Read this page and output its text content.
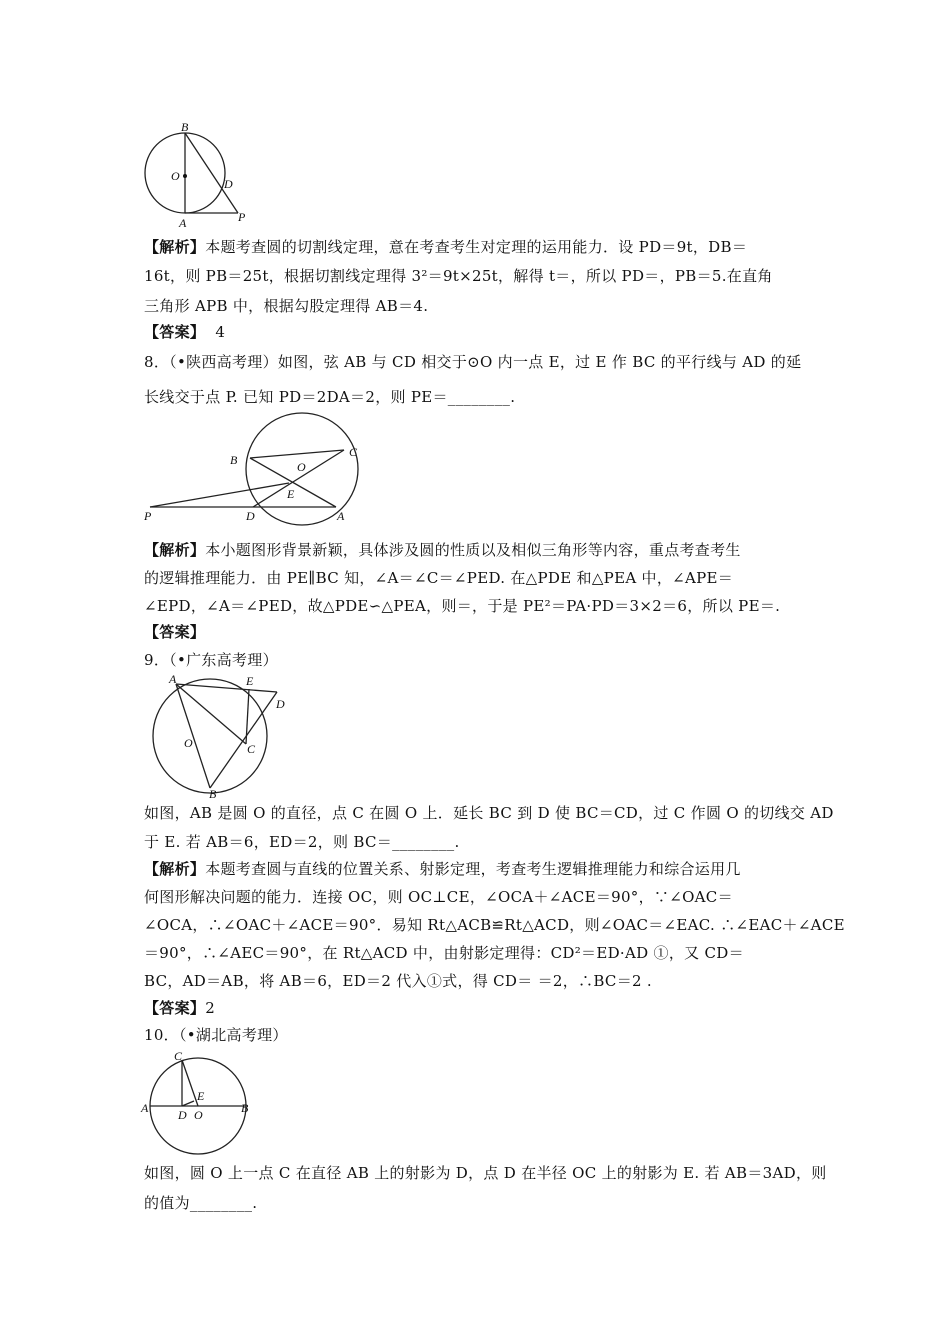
B
O
D
A	P
【解析】本题考查圆的切割线定理，意在考查考生对定理的运用能力．设 PD＝9t，DB＝
16t，则 PB＝25t，根据切割线定理得 3²＝9t×25t，解得 t＝，所以 PD＝，PB＝5.在直角
三角形 APB 中，根据勾股定理得 AB＝4.
【答案】 4
8．（•陕西高考理）如图，弦 AB 与 CD 相交于⊙O 内一点 E，过 E 作 BC 的平行线与 AD 的延
长线交于点 P. 已知 PD＝2DA＝2，则 PE＝________.
B
C
O
E
P	D	A
【解析】本小题图形背景新颖，具体涉及圆的性质以及相似三角形等内容，重点考查考生
的逻辑推理能力．由 PE∥BC 知，∠A＝∠C＝∠PED. 在△PDE 和△PEA 中，∠APE＝
∠EPD，∠A＝∠PED，故△PDE∽△PEA，则＝，于是 PE²＝PA·PD＝3×2＝6，所以 PE＝.
【答案】
9．（•广东高考理）
A	E
D
O	C
B
如图，AB 是圆 O 的直径，点 C 在圆 O 上．延长 BC 到 D 使 BC＝CD，过 C 作圆 O 的切线交 AD
于 E. 若 AB＝6，ED＝2，则 BC＝________.
【解析】本题考查圆与直线的位置关系、射影定理，考查考生逻辑推理能力和综合运用几
何图形解决问题的能力．连接 OC，则 OC⊥CE，∠OCA＋∠ACE＝90°，∵∠OAC＝
∠OCA，∴∠OAC＋∠ACE＝90°．易知 Rt△ACB≌Rt△ACD，则∠OAC＝∠EAC. ∴∠EAC＋∠ACE
＝90°，∴∠AEC＝90°，在 Rt△ACD 中，由射影定理得：CD²＝ED·AD ①，又 CD＝
BC，AD＝AB，将 AB＝6，ED＝2 代入①式，得 CD＝ ＝2，∴BC＝2 .
【答案】2
10．（•湖北高考理）
C
E
A D O	B
如图，圆 O 上一点 C 在直径 AB 上的射影为 D，点 D 在半径 OC 上的射影为 E. 若 AB＝3AD，则
的值为________.
